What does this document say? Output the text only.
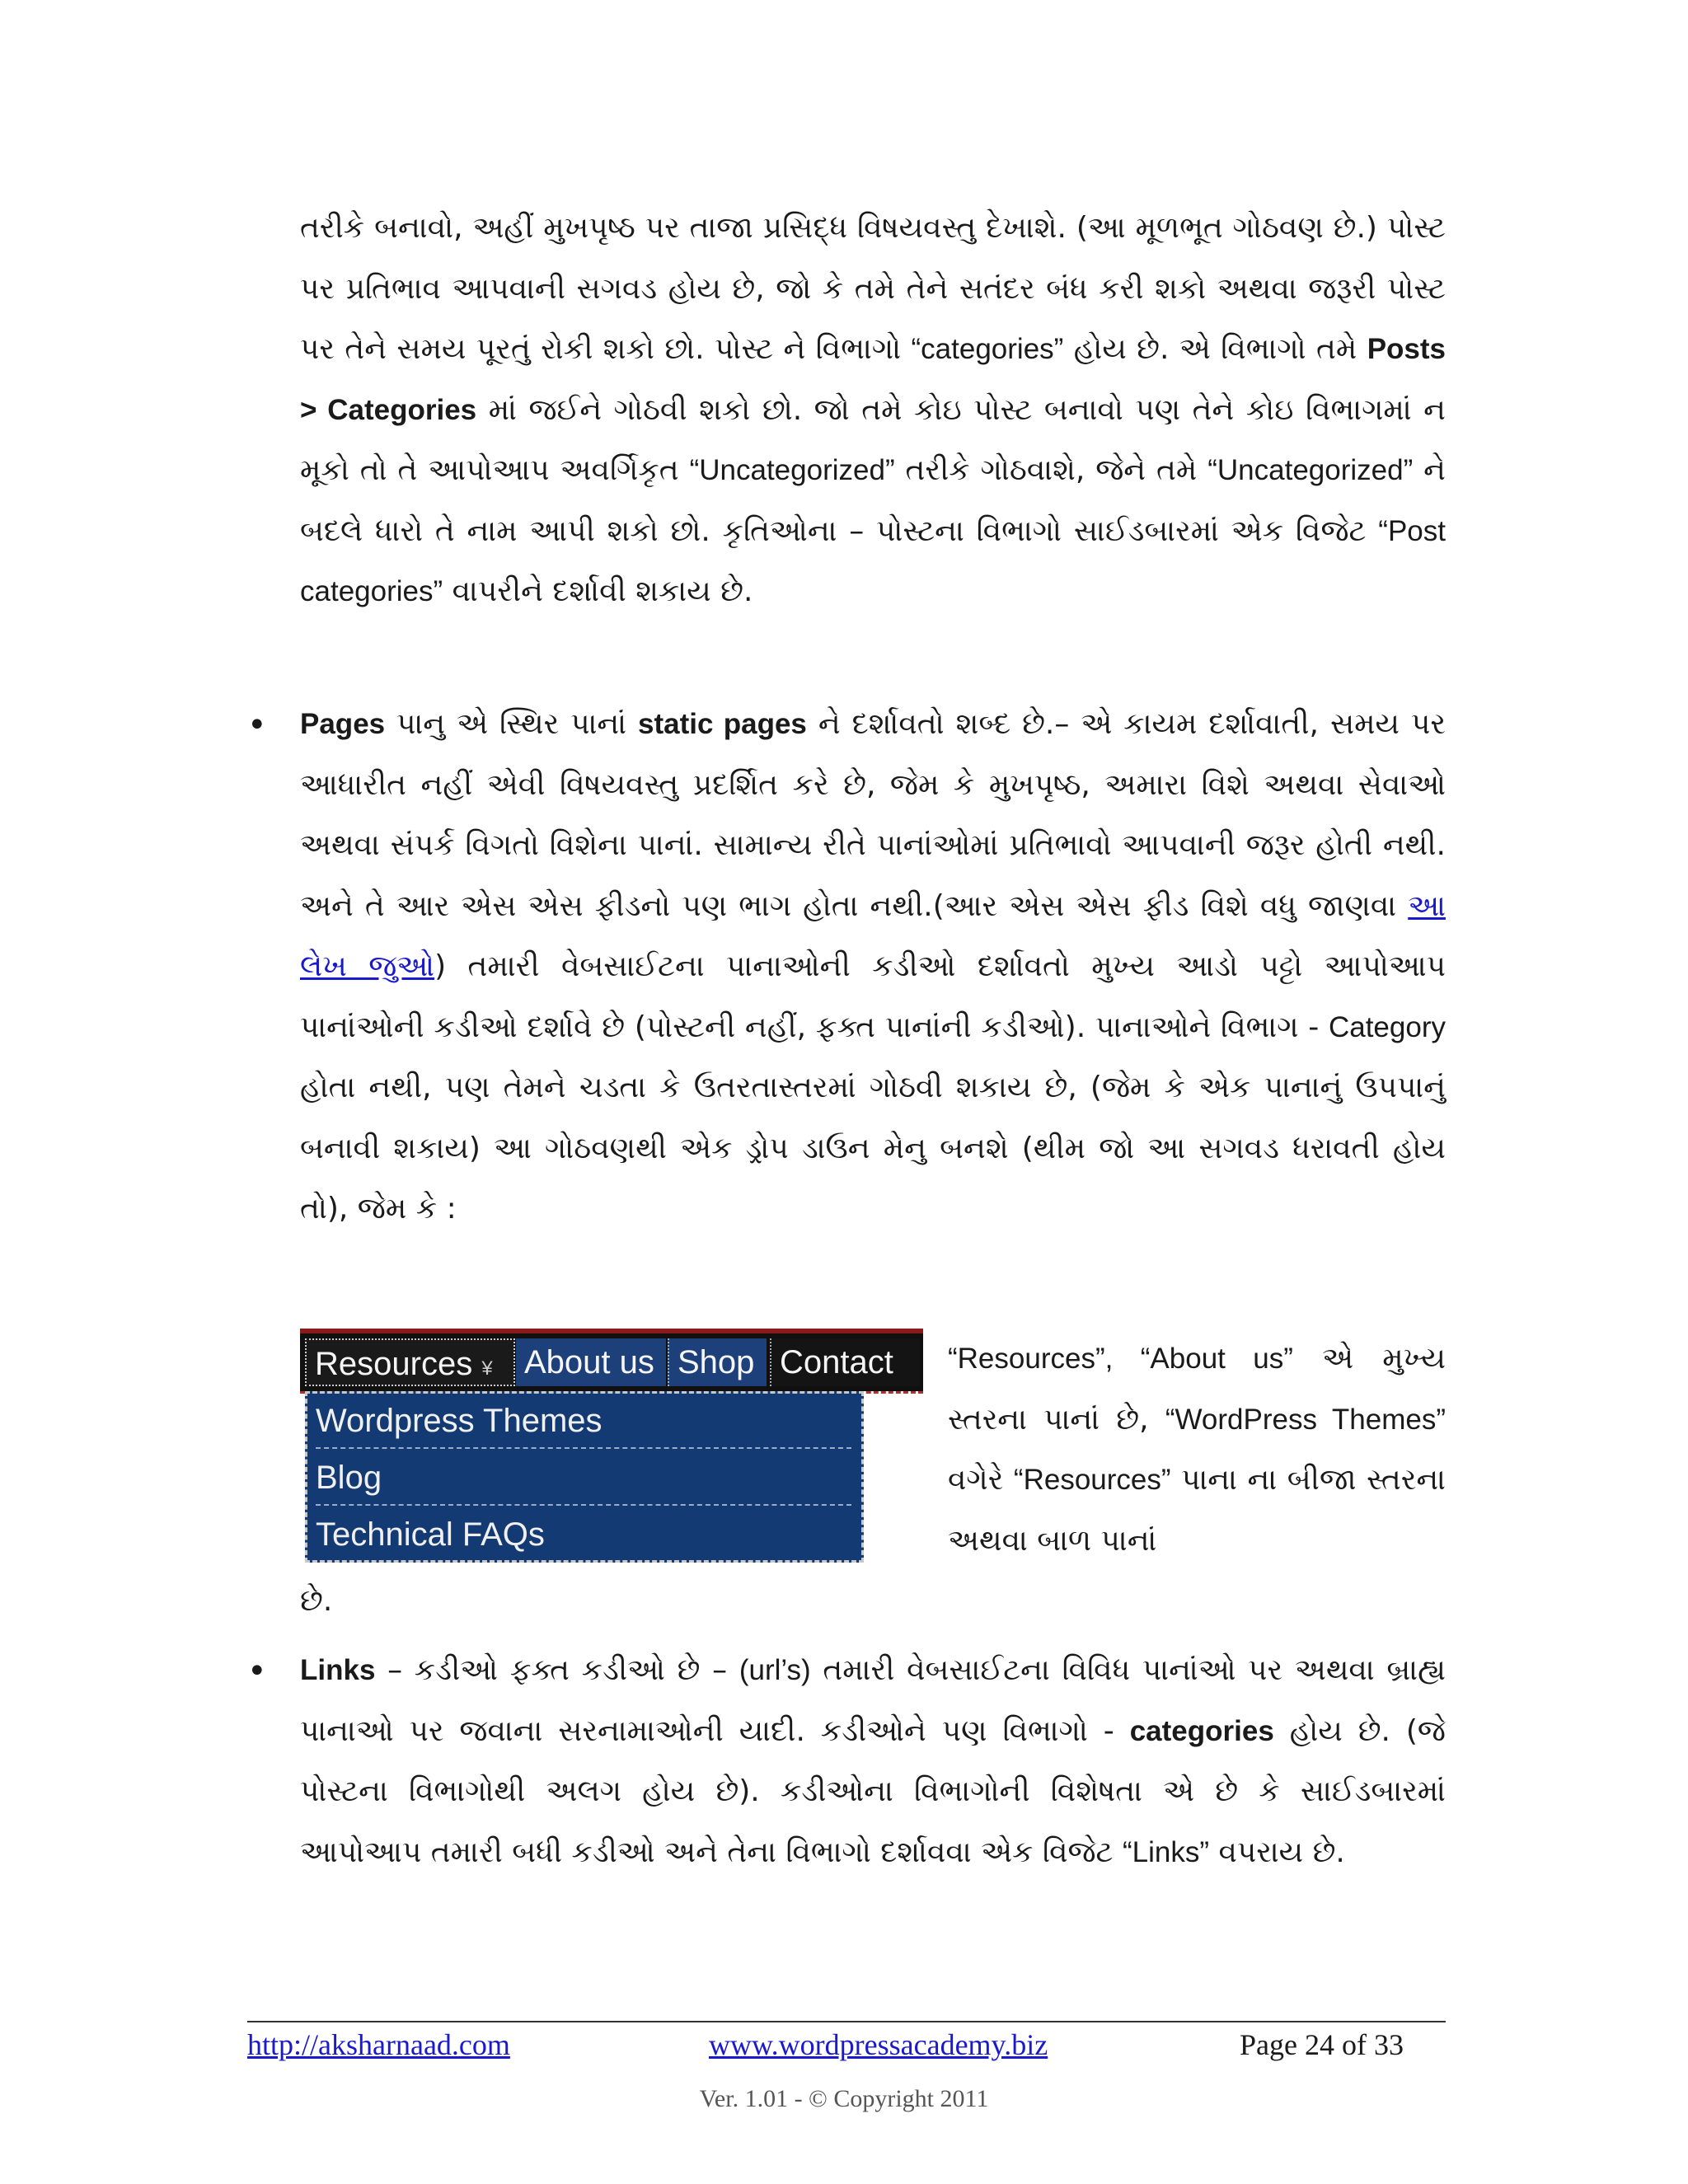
તરીકે બનાવો, અહીં મુખપૃષ્ઠ પર તાજા પ્રસિદ્ધ વિષયવસ્તુ દેખાશે. (આ મૂળભૂત ગોઠવણ છે.) પોસ્ટ પર પ્રતિભાવ આપવાની સગવડ હોય છે, જો કે તમે તેને સતંદર બંધ કરી શકો અથવા જરૂરી પોસ્ટ પર તેને સમય પૂરતું રોકી શકો છો. પોસ્ટ ને વિભાગો “categories” હોય છે. એ વિભાગો તમે Posts > Categories માં જઈને ગોઠવી શકો છો. જો તમે કોઇ પોસ્ટ બનાવો પણ તેને કોઇ વિભાગમાં ન મૂકો તો તે આપોઆપ અવર્ગિકૃત “Uncategorized” તરીકે ગોઠવાશે, જેને તમે “Uncategorized” ને બદલે ધારો તે નામ આપી શકો છો. કૃતિઓના – પોસ્ટના વિભાગો સાઈડબારમાં એક વિજેટ “Post categories” વાપરીને દર્શાવી શકાય છે.

•

Pages પાનુ એ સ્થિર પાનાં static pages ને દર્શાવતો શબ્દ છે.– એ કાયમ દર્શાવાતી, સમય પર આધારીત નહીં એવી વિષયવસ્તુ પ્રદર્શિત કરે છે, જેમ કે મુખપૃષ્ઠ, અમારા વિશે અથવા સેવાઓ અથવા સંપર્ક વિગતો વિશેના પાનાં. સામાન્ય રીતે પાનાંઓમાં પ્રતિભાવો આપવાની જરૂર હોતી નથી. અને તે આર એસ એસ ફીડનો પણ ભાગ હોતા નથી.(આર એસ એસ ફીડ વિશે વધુ જાણવા આ લેખ જુઓ) તમારી વેબસાઈટના પાનાઓની કડીઓ દર્શાવતો મુખ્ય આડો પટ્ટો આપોઆપ પાનાંઓની કડીઓ દર્શાવે છે (પોસ્ટની નહીં, ફક્ત પાનાંની કડીઓ). પાનાઓને વિભાગ - Category હોતા નથી, પણ તેમને ચડતા કે ઉતરતાસ્તરમાં ગોઠવી શકાય છે, (જેમ કે એક પાનાનું ઉપપાનું બનાવી શકાય) આ ગોઠવણથી એક ડ્રોપ ડાઉન મેનુ બનશે (થીમ જો આ સગવડ ધરાવતી હોય તો), જેમ કે :

Resources ¥ About us Shop Contact
Wordpress Themes
Blog
Technical FAQs

“Resources”, “About us” એ મુખ્ય સ્તરના પાનાં છે, “WordPress Themes” વગેરે “Resources” પાના ના બીજા સ્તરના અથવા બાળ પાનાં

છે.

•

Links – કડીઓ ફક્ત કડીઓ છે – (url’s) તમારી વેબસાઈટના વિવિધ પાનાંઓ પર અથવા બ્રાહ્ય પાનાઓ પર જવાના સરનામાઓની યાદી. કડીઓને પણ વિભાગો - categories હોય છે. (જે પોસ્ટના વિભાગોથી અલગ હોય છે). કડીઓના વિભાગોની વિશેષતા એ છે કે સાઈડબારમાં આપોઆપ તમારી બધી કડીઓ અને તેના વિભાગો દર્શાવવા એક વિજેટ “Links” વપરાય છે.

http://aksharnaad.com	www.wordpressacademy.biz	Page 24 of 33
Ver. 1.01 - © Copyright 2011
